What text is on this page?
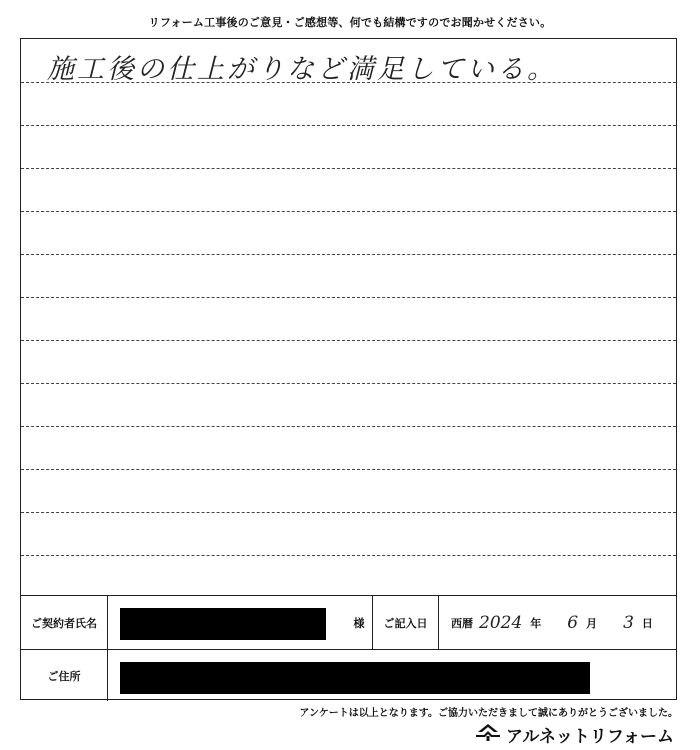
リフォーム工事後のご意見・ご感想等、何でも結構ですのでお聞かせください。
施工後の仕上がりなど満足している。
ご契約者氏名	様	ご記入日	西暦 2024 年 6 月 3 日
ご住所
アンケートは以上となります。ご協力いただきまして誠にありがとうございました。
アルネットリフォーム
